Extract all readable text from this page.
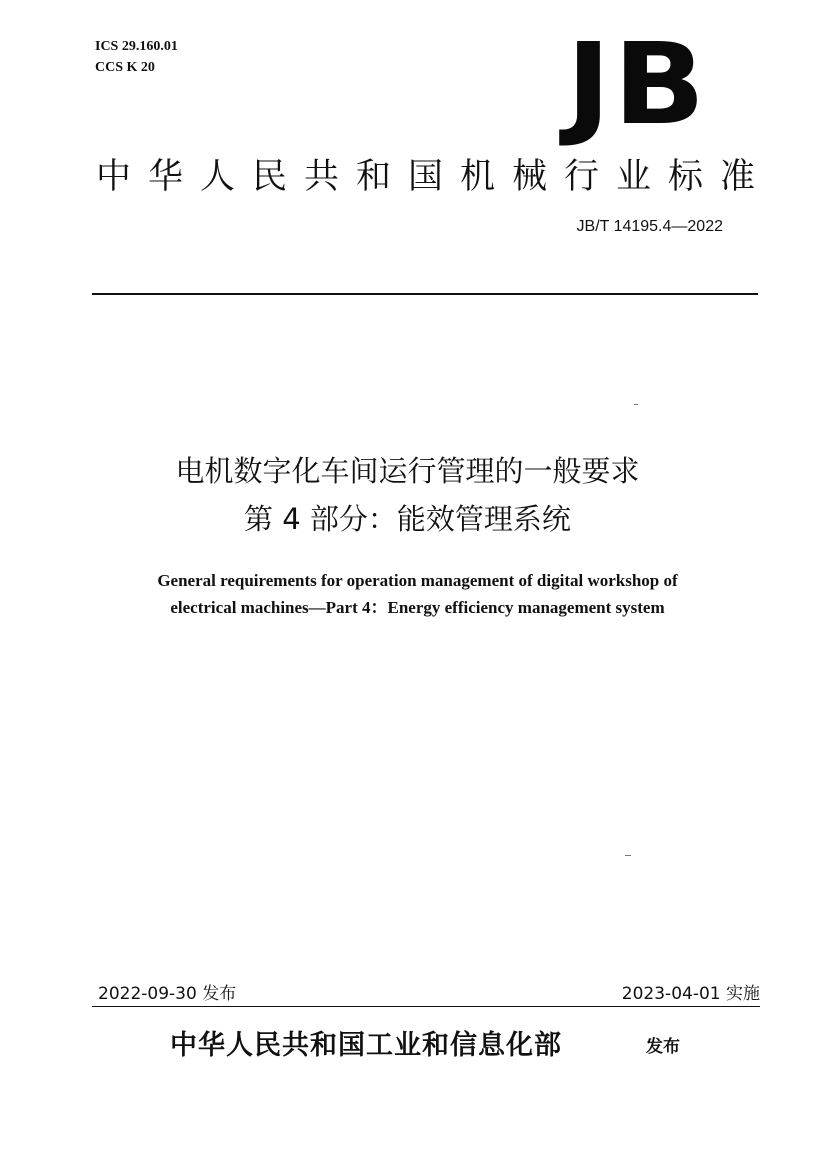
ICS 29.160.01
CCS K 20	JB
中华人民共和国机械行业标准
JB/T 14195.4—2022
电机数字化车间运行管理的一般要求
第 4 部分：能效管理系统
General requirements for operation management of digital workshop of
electrical machines—Part 4：Energy efficiency management system
2022-09-30 发布	2023-04-01 实施
中华人民共和国工业和信息化部	发布
